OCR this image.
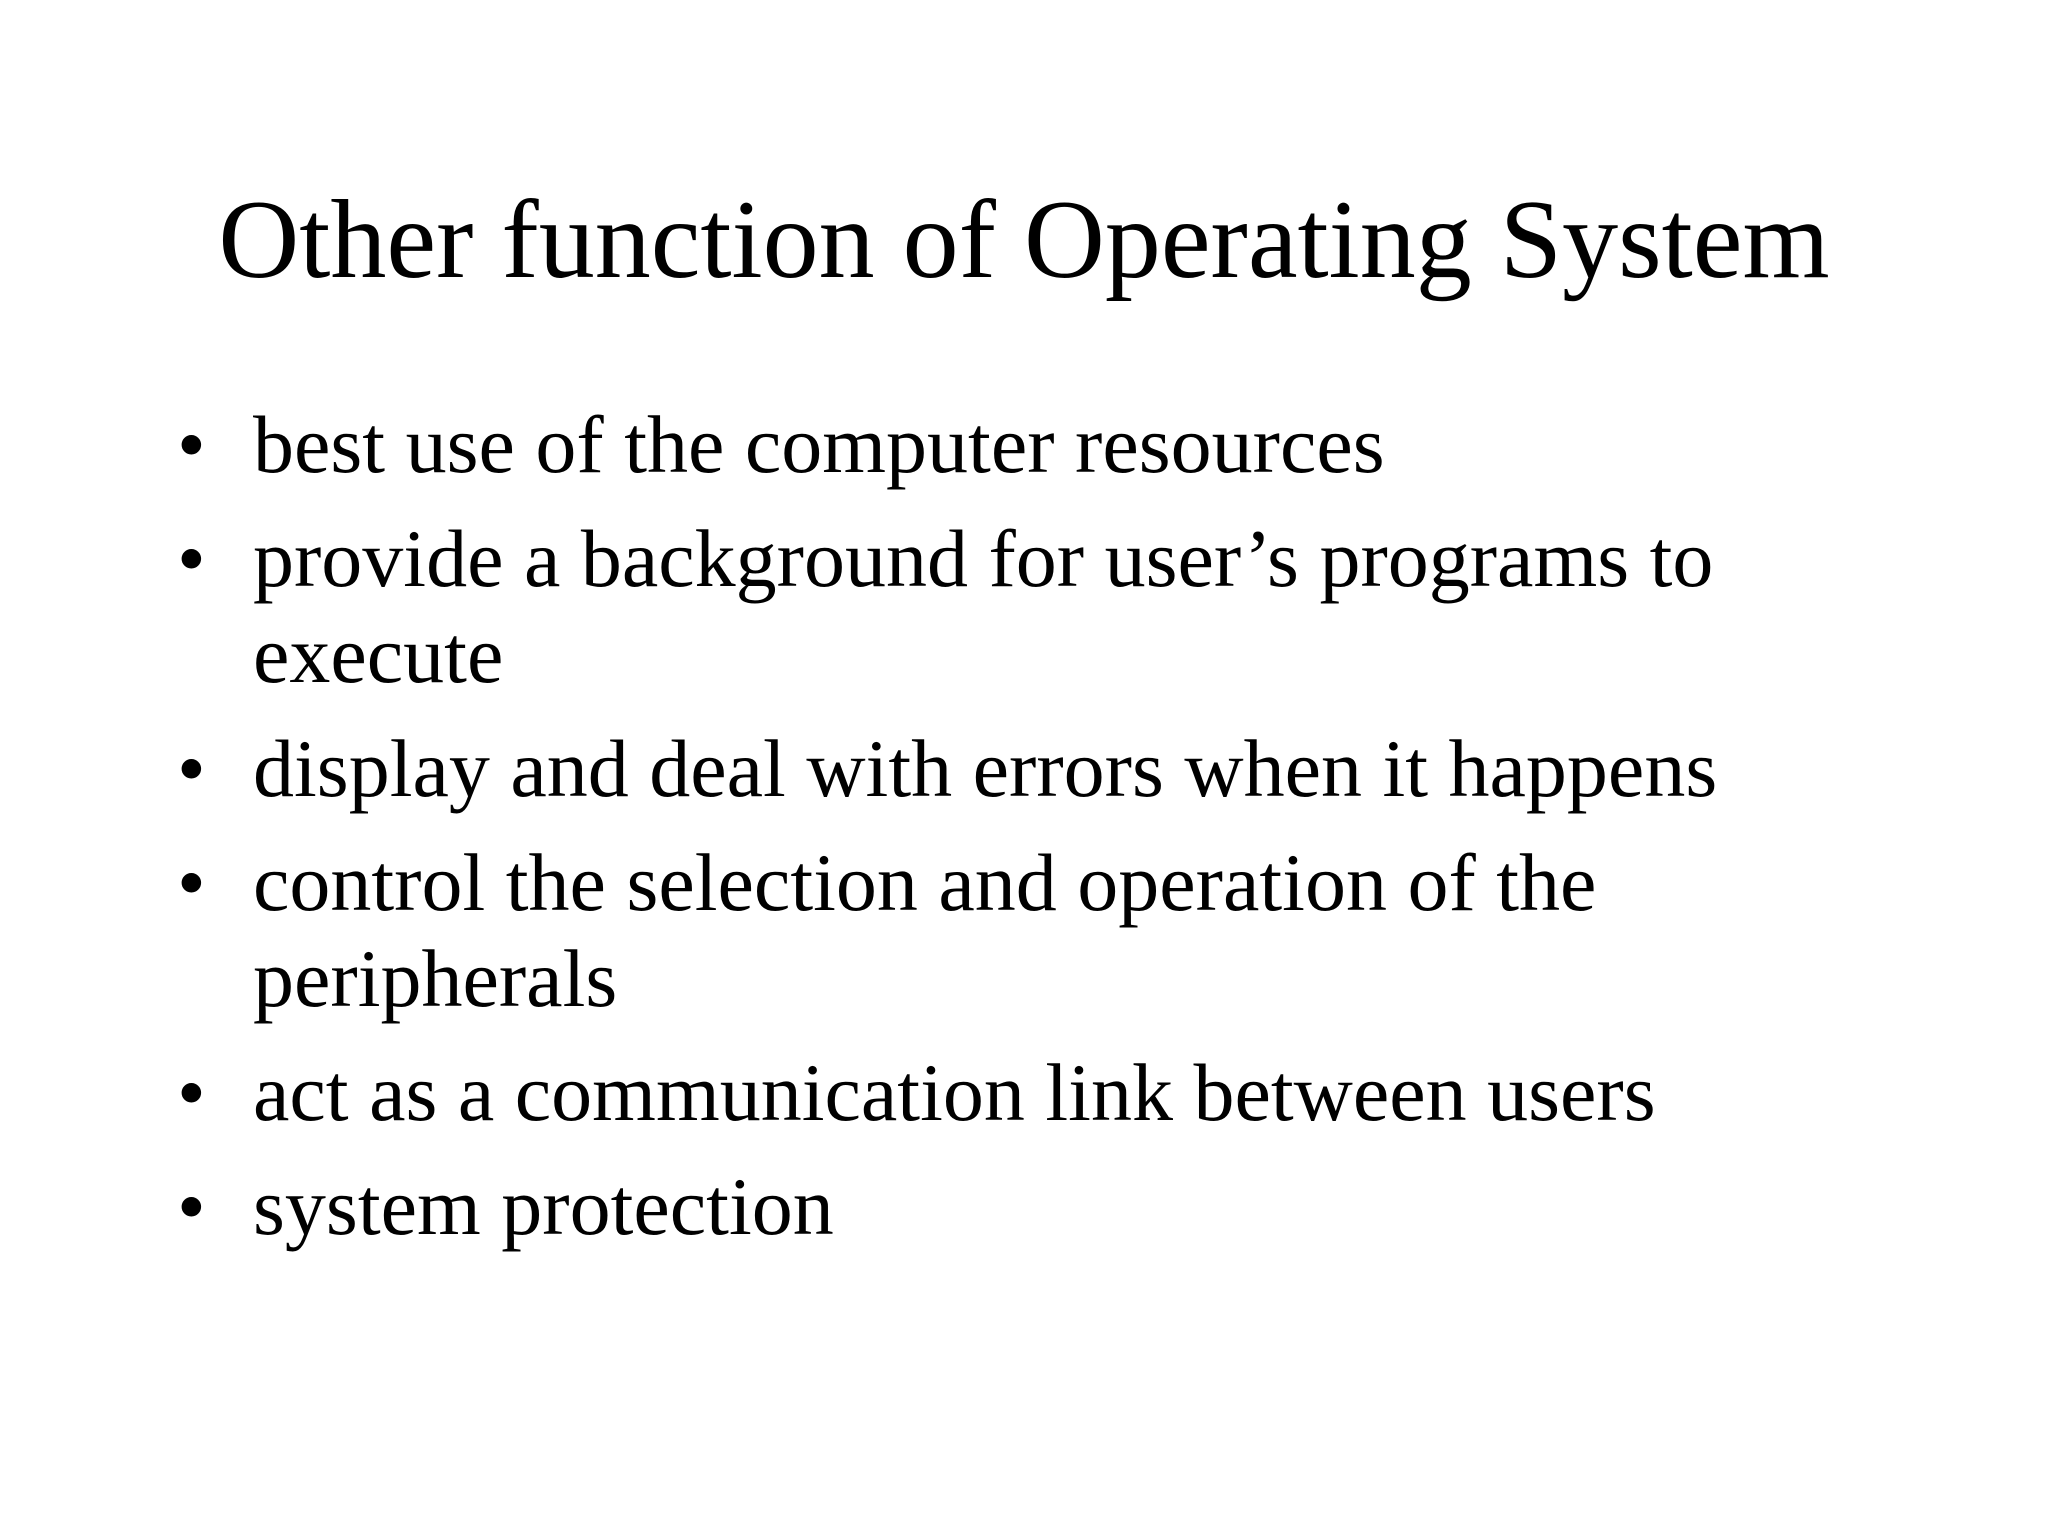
Other function of Operating System
• best use of the computer resources
• provide a background for user’s programs to execute
• display and deal with errors when it happens
• control the selection and operation of the peripherals
• act as a communication link between users
• system protection
